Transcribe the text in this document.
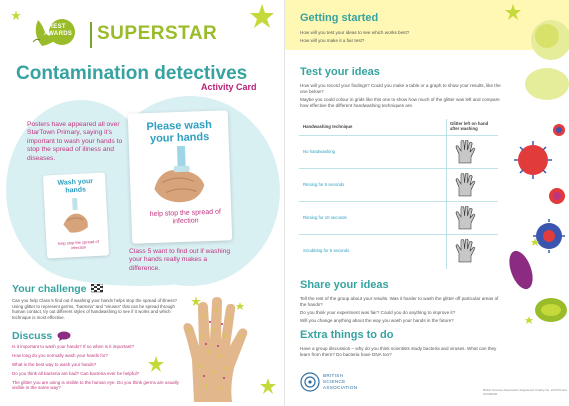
CREST
AWARDS SUPERSTAR
Contamination detectives
Activity Card
Posters have appeared all over StarTown Primary, saying it's important to wash your hands to stop the spread of illness and diseases.
Wash your hands
help stop the spread of infection
Please wash your hands
help stop the spread of infection
Class 5 want to find out if washing your hands really makes a difference.
Your challenge
Can you help Class 5 find out if washing your hands helps stop the spread of illness? Using glitter to represent germs, "bacteria" and "viruses" that can be spread through human contact, try out different styles of handwashing to see if it works and which technique is most effective.
Discuss
Is it important to wash your hands? If so when is it important?
How long do you normally wash your hands for?
What is the best way to wash your hands?
Do you think all bacteria are bad? Can bacteria ever be helpful?
The glitter you are using is visible to the human eye. Do you think germs are usually visible in the same way?
Getting started
How will you test your ideas to see which works best?
How will you make it a fair test?
Test your ideas
How will you record your findings? Could you make a table or a graph to show your results, like the one below?
Maybe you could colour in grids like this one to show how much of the glitter was left and compare how effective the different handwashing techniques are.
Handwashing technique
Glitter left on hand after washing
No handwashing
Rinsing for 5 seconds
Rinsing for 10 seconds
Scrubbing for 5 seconds
Share your ideas
Tell the rest of the group about your results. Was it harder to wash the glitter off particular areas of the hands?
Do you think your experiment was fair? Could you do anything to improve it?
Will you change anything about the way you wash your hands in the future?
Extra things to do
Have a group discussion – why do you think scientists study bacteria and viruses. What can they learn from them? Do bacteria have DNA too?
BRITISH
SCIENCE
ASSOCIATION	British Science Association Registered Charity No. 212479 and SC039236
